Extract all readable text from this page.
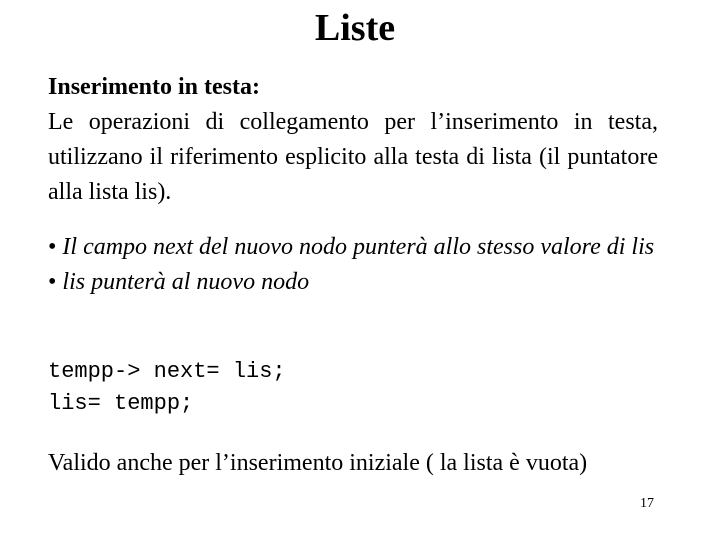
Liste
Inserimento in testa:
Le operazioni di collegamento per l’inserimento in testa, utilizzano il riferimento esplicito alla testa di lista (il puntatore alla lista lis).
• Il campo next del nuovo nodo punterà allo stesso valore di lis
• lis punterà al nuovo nodo
tempp-> next= lis;
lis= tempp;
Valido anche per l’inserimento iniziale ( la lista è vuota)
17
